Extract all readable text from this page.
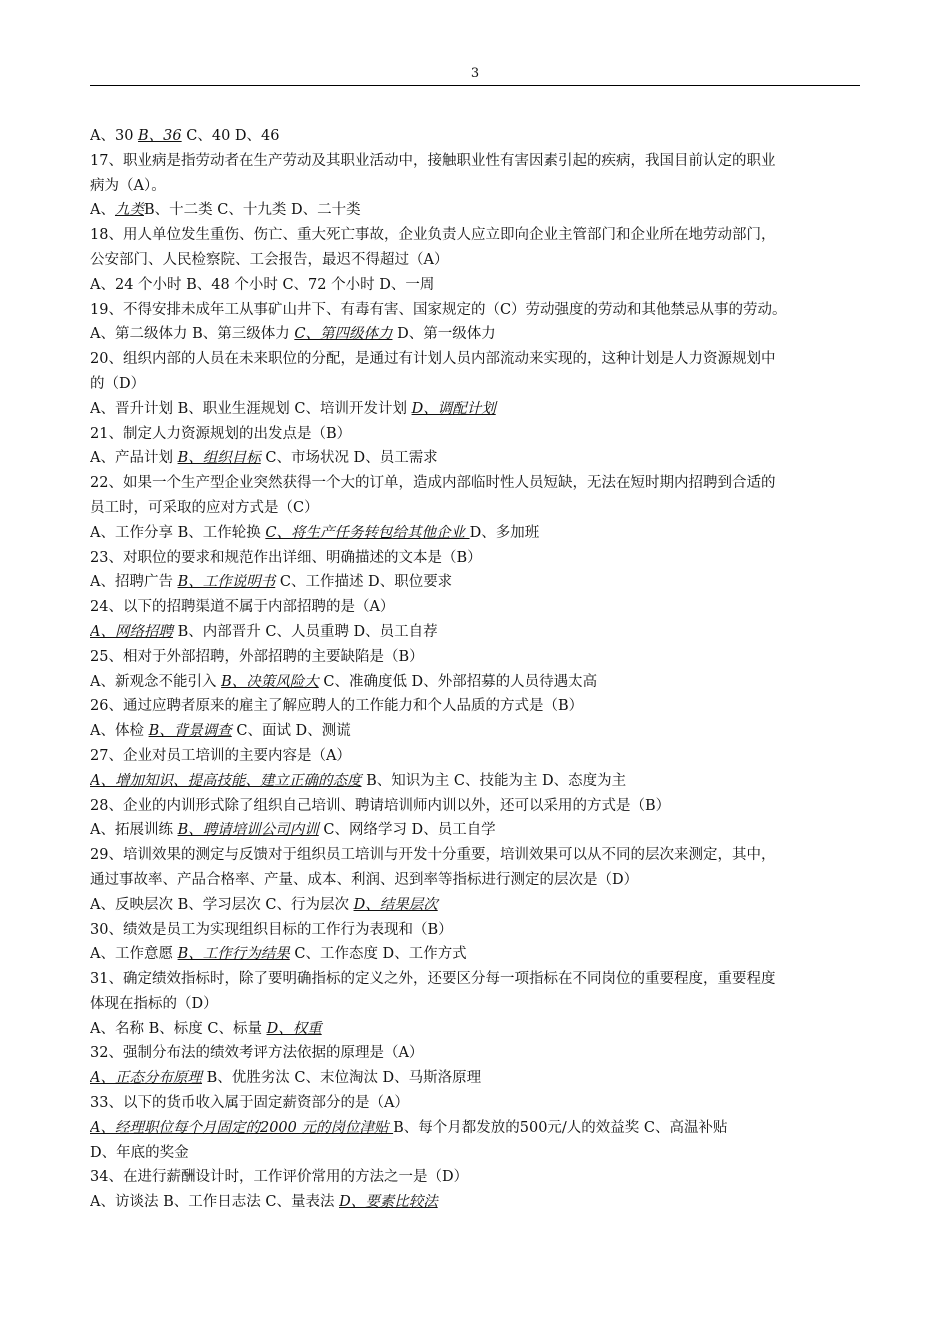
3
A、30 B、36 C、40 D、46
17、职业病是指劳动者在生产劳动及其职业活动中，接触职业性有害因素引起的疾病，我国目前认定的职业
病为（A）。
A、九类B、十二类 C、十九类 D、二十类
18、用人单位发生重伤、伤亡、重大死亡事故，企业负责人应立即向企业主管部门和企业所在地劳动部门，
公安部门、人民检察院、工会报告，最迟不得超过（A）
A、24 个小时 B、48 个小时 C、72 个小时 D、一周
19、不得安排未成年工从事矿山井下、有毒有害、国家规定的（C）劳动强度的劳动和其他禁忌从事的劳动。
A、第二级体力 B、第三级体力 C、第四级体力 D、第一级体力
20、组织内部的人员在未来职位的分配，是通过有计划人员内部流动来实现的，这种计划是人力资源规划中
的（D）
A、晋升计划 B、职业生涯规划 C、培训开发计划 D、调配计划
21、制定人力资源规划的出发点是（B）
A、产品计划 B、组织目标 C、市场状况 D、员工需求
22、如果一个生产型企业突然获得一个大的订单，造成内部临时性人员短缺，无法在短时期内招聘到合适的
员工时，可采取的应对方式是（C）
A、工作分享 B、工作轮换 C、将生产任务转包给其他企业 D、多加班
23、对职位的要求和规范作出详细、明确描述的文本是（B）
A、招聘广告 B、工作说明书 C、工作描述 D、职位要求
24、以下的招聘渠道不属于内部招聘的是（A）
A、网络招聘 B、内部晋升 C、人员重聘 D、员工自荐
25、相对于外部招聘，外部招聘的主要缺陷是（B）
A、新观念不能引入 B、决策风险大 C、准确度低 D、外部招募的人员待遇太高
26、通过应聘者原来的雇主了解应聘人的工作能力和个人品质的方式是（B）
A、体检 B、背景调查 C、面试 D、测谎
27、企业对员工培训的主要内容是（A）
A、增加知识、提高技能、建立正确的态度 B、知识为主 C、技能为主 D、态度为主
28、企业的内训形式除了组织自己培训、聘请培训师内训以外，还可以采用的方式是（B）
A、拓展训练 B、聘请培训公司内训 C、网络学习 D、员工自学
29、培训效果的测定与反馈对于组织员工培训与开发十分重要，培训效果可以从不同的层次来测定，其中，
通过事故率、产品合格率、产量、成本、利润、迟到率等指标进行测定的层次是（D）
A、反映层次 B、学习层次 C、行为层次 D、结果层次
30、绩效是员工为实现组织目标的工作行为表现和（B）
A、工作意愿 B、工作行为结果 C、工作态度 D、工作方式
31、确定绩效指标时，除了要明确指标的定义之外，还要区分每一项指标在不同岗位的重要程度，重要程度
体现在指标的（D）
A、名称 B、标度 C、标量 D、权重
32、强制分布法的绩效考评方法依据的原理是（A）
A、正态分布原理 B、优胜劣汰 C、末位淘汰 D、马斯洛原理
33、以下的货币收入属于固定薪资部分的是（A）
A、经理职位每个月固定的2000 元的岗位津贴 B、每个月都发放的500元/人的效益奖 C、高温补贴
D、年底的奖金
34、在进行薪酬设计时，工作评价常用的方法之一是（D）
A、访谈法 B、工作日志法 C、量表法 D、要素比较法
